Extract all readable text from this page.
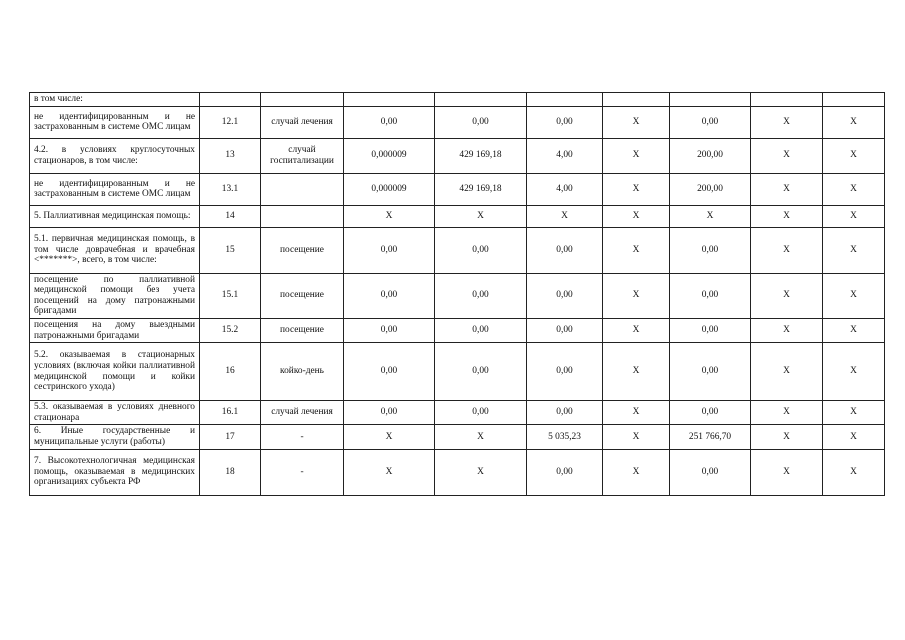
в том числе:									
не идентифицированным и не застрахованным в системе ОМС лицам	12.1	случай лечения	0,00	0,00	0,00	X	0,00	X	X
4.2. в условиях круглосуточных стационаров, в том числе:	13	случай госпитализации	0,000009	429 169,18	4,00	X	200,00	X	X
не идентифицированным и не застрахованным в системе ОМС лицам	13.1		0,000009	429 169,18	4,00	X	200,00	X	X
5. Паллиативная медицинская помощь:	14		X	X	X	X	X	X	X
5.1. первичная медицинская помощь, в том числе доврачебная и врачебная <*******>, всего, в том числе:	15	посещение	0,00	0,00	0,00	X	0,00	X	X
посещение по паллиативной медицинской помощи без учета посещений на дому патронажными бригадами	15.1	посещение	0,00	0,00	0,00	X	0,00	X	X
посещения на дому выездными патронажными бригадами	15.2	посещение	0,00	0,00	0,00	X	0,00	X	X
5.2. оказываемая в стационарных условиях (включая койки паллиативной медицинской помощи и койки сестринского ухода)	16	койко-день	0,00	0,00	0,00	X	0,00	X	X
5.3. оказываемая в условиях дневного стационара	16.1	случай лечения	0,00	0,00	0,00	X	0,00	X	X
6. Иные государственные и муниципальные услуги (работы)	17	-	X	X	5 035,23	X	251 766,70	X	X
7. Высокотехнологичная медицинская помощь, оказываемая в медицинских организациях субъекта РФ	18	-	X	X	0,00	X	0,00	X	X
